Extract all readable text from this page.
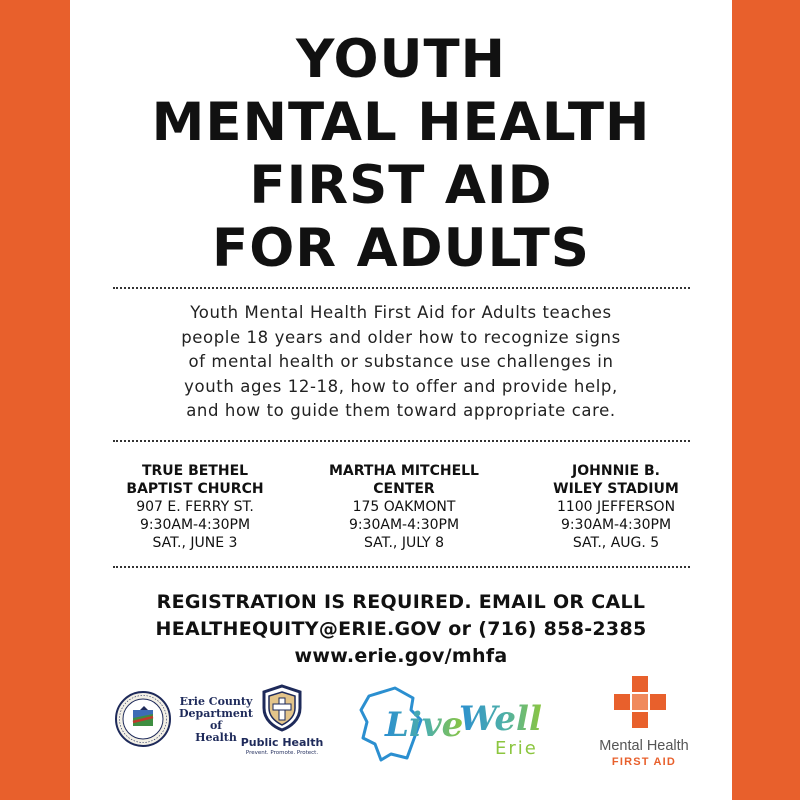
YOUTH
MENTAL HEALTH
FIRST AID
FOR ADULTS
Youth Mental Health First Aid for Adults teaches
people 18 years and older how to recognize signs
of mental health or substance use challenges in
youth ages 12-18, how to offer and provide help,
and how to guide them toward appropriate care.
TRUE BETHEL
BAPTIST CHURCH
907 E. FERRY ST.
9:30AM-4:30PM
SAT., JUNE 3
MARTHA MITCHELL
CENTER
175 OAKMONT
9:30AM-4:30PM
SAT., JULY 8
JOHNNIE B.
WILEY STADIUM
1100 JEFFERSON
9:30AM-4:30PM
SAT., AUG. 5
REGISTRATION IS REQUIRED. EMAIL OR CALL
HEALTHEQUITY@ERIE.GOV or (716) 858-2385
www.erie.gov/mhfa
Erie County
Department of
Health Public Health
Prevent. Promote. Protect.
Live
Well
Erie	Mental Health
FIRST AID
